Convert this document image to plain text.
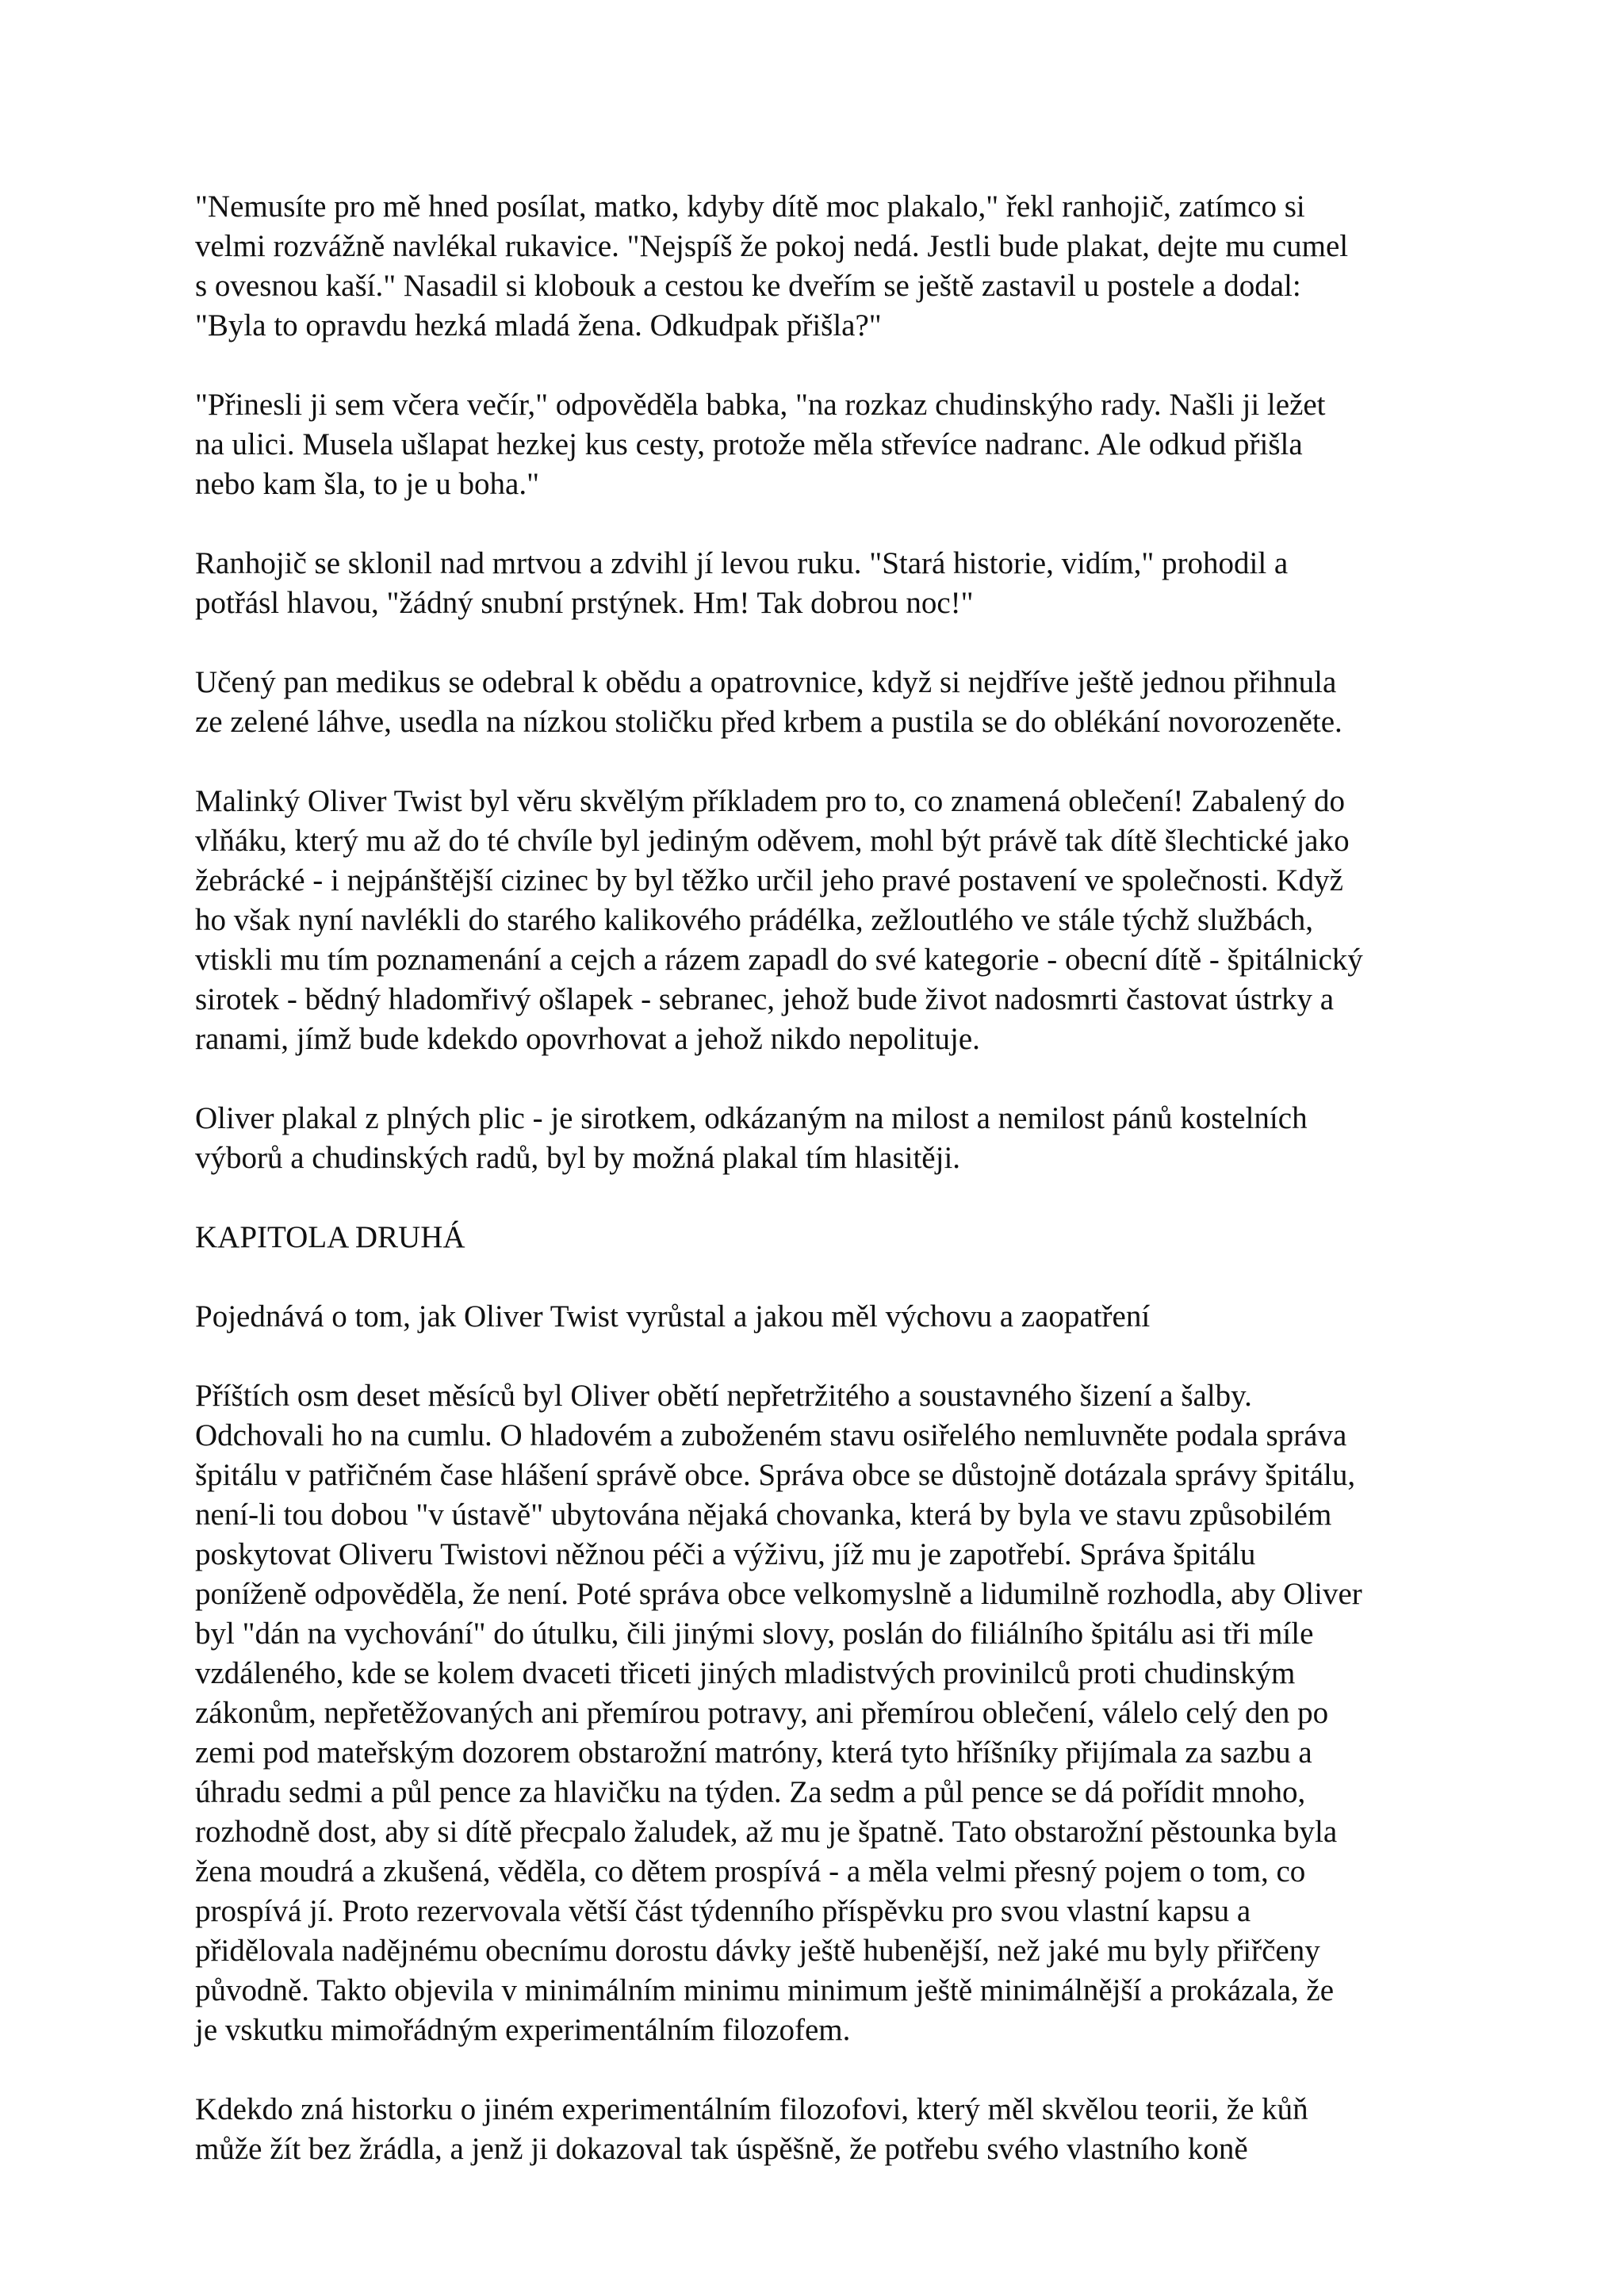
"Nemusíte pro mě hned posílat, matko, kdyby dítě moc plakalo," řekl ranhojič, zatímco si
velmi rozvážně navlékal rukavice. "Nejspíš že pokoj nedá. Jestli bude plakat, dejte mu cumel
s ovesnou kaší." Nasadil si klobouk a cestou ke dveřím se ještě zastavil u postele a dodal:
"Byla to opravdu hezká mladá žena. Odkudpak přišla?"

"Přinesli ji sem včera večír," odpověděla babka, "na rozkaz chudinskýho rady. Našli ji ležet
na ulici. Musela ušlapat hezkej kus cesty, protože měla střevíce nadranc. Ale odkud přišla
nebo kam šla, to je u boha."

Ranhojič se sklonil nad mrtvou a zdvihl jí levou ruku. "Stará historie, vidím," prohodil a
potřásl hlavou, "žádný snubní prstýnek. Hm! Tak dobrou noc!"

Učený pan medikus se odebral k obědu a opatrovnice, když si nejdříve ještě jednou přihnula
ze zelené láhve, usedla na nízkou stoličku před krbem a pustila se do oblékání novorozeněte.

Malinký Oliver Twist byl věru skvělým příkladem pro to, co znamená oblečení! Zabalený do
vlňáku, který mu až do té chvíle byl jediným oděvem, mohl být právě tak dítě šlechtické jako
žebrácké - i nejpánštější cizinec by byl těžko určil jeho pravé postavení ve společnosti. Když
ho však nyní navlékli do starého kalikového prádélka, zežloutlého ve stále týchž službách,
vtiskli mu tím poznamenání a cejch a rázem zapadl do své kategorie - obecní dítě - špitálnický
sirotek - bědný hladomřivý ošlapek - sebranec, jehož bude život nadosmrti častovat ústrky a
ranami, jímž bude kdekdo opovrhovat a jehož nikdo nepolituje.

Oliver plakal z plných plic - je sirotkem, odkázaným na milost a nemilost pánů kostelních
výborů a chudinských radů, byl by možná plakal tím hlasitěji.

KAPITOLA DRUHÁ

Pojednává o tom, jak Oliver Twist vyrůstal a jakou měl výchovu a zaopatření

Příštích osm deset měsíců byl Oliver obětí nepřetržitého a soustavného šizení a šalby.
Odchovali ho na cumlu. O hladovém a zuboženém stavu osiřelého nemluvněte podala správa
špitálu v patřičném čase hlášení správě obce. Správa obce se důstojně dotázala správy špitálu,
není-li tou dobou "v ústavě" ubytována nějaká chovanka, která by byla ve stavu způsobilém
poskytovat Oliveru Twistovi něžnou péči a výživu, jíž mu je zapotřebí. Správa špitálu
poníženě odpověděla, že není. Poté správa obce velkomyslně a lidumilně rozhodla, aby Oliver
byl "dán na vychování" do útulku, čili jinými slovy, poslán do filiálního špitálu asi tři míle
vzdáleného, kde se kolem dvaceti třiceti jiných mladistvých provinilců proti chudinským
zákonům, nepřetěžovaných ani přemírou potravy, ani přemírou oblečení, válelo celý den po
zemi pod mateřským dozorem obstarožní matróny, která tyto hříšníky přijímala za sazbu a
úhradu sedmi a půl pence za hlavičku na týden. Za sedm a půl pence se dá pořídit mnoho,
rozhodně dost, aby si dítě přecpalo žaludek, až mu je špatně. Tato obstarožní pěstounka byla
žena moudrá a zkušená, věděla, co dětem prospívá - a měla velmi přesný pojem o tom, co
prospívá jí. Proto rezervovala větší část týdenního příspěvku pro svou vlastní kapsu a
přidělovala nadějnému obecnímu dorostu dávky ještě hubenější, než jaké mu byly přiřčeny
původně. Takto objevila v minimálním minimu minimum ještě minimálnější a prokázala, že
je vskutku mimořádným experimentálním filozofem.

Kdekdo zná historku o jiném experimentálním filozofovi, který měl skvělou teorii, že kůň
může žít bez žrádla, a jenž ji dokazoval tak úspěšně, že potřebu svého vlastního koně
